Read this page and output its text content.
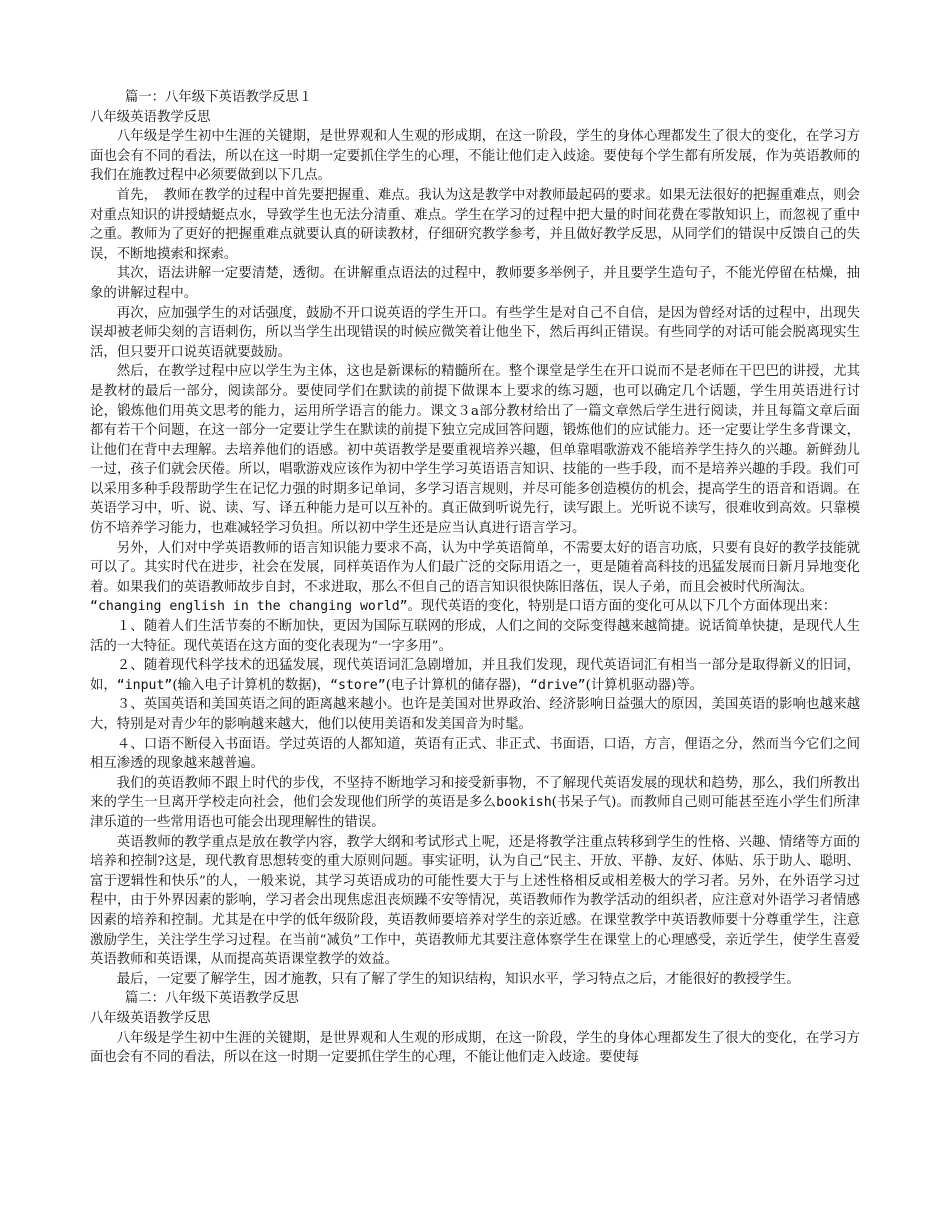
篇一：八年级下英语教学反思１

八年级英语教学反思

八年级是学生初中生涯的关键期，是世界观和人生观的形成期，在这一阶段，学生的身体心理都发生了很大的变化，在学习方面也会有不同的看法，所以在这一时期一定要抓住学生的心理，不能让他们走入歧途。要使每个学生都有所发展，作为英语教师的我们在施教过程中必须要做到以下几点。

首先，　教师在教学的过程中首先要把握重、难点。我认为这是教学中对教师最起码的要求。如果无法很好的把握重难点，则会对重点知识的讲授蜻蜓点水，导致学生也无法分清重、难点。学生在学习的过程中把大量的时间花费在零散知识上，而忽视了重中之重。教师为了更好的把握重难点就要认真的研读教材，仔细研究教学参考，并且做好教学反思，从同学们的错误中反馈自己的失误，不断地摸索和探索。

其次，语法讲解一定要清楚，透彻。在讲解重点语法的过程中，教师要多举例子，并且要学生造句子，不能光停留在枯燥，抽象的讲解过程中。

再次，应加强学生的对话强度，鼓励不开口说英语的学生开口。有些学生是对自己不自信，是因为曾经对话的过程中，出现失误却被老师尖刻的言语刺伤，所以当学生出现错误的时候应微笑着让他坐下，然后再纠正错误。有些同学的对话可能会脱离现实生活，但只要开口说英语就要鼓励。

然后，在教学过程中应以学生为主体，这也是新课标的精髓所在。整个课堂是学生在开口说而不是老师在干巴巴的讲授，尤其是教材的最后一部分，阅读部分。要使同学们在默读的前提下做课本上要求的练习题，也可以确定几个话题，学生用英语进行讨论，锻炼他们用英文思考的能力，运用所学语言的能力。课文３a部分教材给出了一篇文章然后学生进行阅读，并且每篇文章后面都有若干个问题，在这一部分一定要让学生在默读的前提下独立完成回答问题，锻炼他们的应试能力。还一定要让学生多背课文，让他们在背中去理解。去培养他们的语感。初中英语教学是要重视培养兴趣，但单靠唱歌游戏不能培养学生持久的兴趣。新鲜劲儿一过，孩子们就会厌倦。所以，唱歌游戏应该作为初中学生学习英语语言知识、技能的一些手段，而不是培养兴趣的手段。我们可以采用多种手段帮助学生在记忆力强的时期多记单词，多学习语言规则，并尽可能多创造模仿的机会，提高学生的语音和语调。在英语学习中，听、说、读、写、译五种能力是可以互补的。真正做到听说先行，读写跟上。光听说不读写，很难收到高效。只靠模仿不培养学习能力，也难减轻学习负担。所以初中学生还是应当认真进行语言学习。

另外，人们对中学英语教师的语言知识能力要求不高，认为中学英语简单，不需要太好的语言功底，只要有良好的教学技能就可以了。其实时代在进步，社会在发展，同样英语作为人们最广泛的交际用语之一，更是随着高科技的迅猛发展而日新月异地变化着。如果我们的英语教师故步自封，不求进取，那么不但自己的语言知识很快陈旧落伍，误人子弟，而且会被时代所淘汰。

“changing english in the changing world”。现代英语的变化，特别是口语方面的变化可从以下几个方面体现出来：

１、随着人们生活节奏的不断加快，更因为国际互联网的形成，人们之间的交际变得越来越简捷。说话简单快捷，是现代人生活的一大特征。现代英语在这方面的变化表现为“一字多用”。

２、随着现代科学技术的迅猛发展，现代英语词汇急剧增加，并且我们发现，现代英语词汇有相当一部分是取得新义的旧词，如，“input”(输入电子计算机的数据)，“store”(电子计算机的储存器)，“drive”(计算机驱动器)等。

３、英国英语和美国英语之间的距离越来越小。也许是美国对世界政治、经济影响日益强大的原因，美国英语的影响也越来越大，特别是对青少年的影响越来越大，他们以使用美语和发美国音为时髦。

４、口语不断侵入书面语。学过英语的人都知道，英语有正式、非正式、书面语，口语，方言，俚语之分，然而当今它们之间相互渗透的现象越来越普遍。

我们的英语教师不跟上时代的步伐，不坚持不断地学习和接受新事物，不了解现代英语发展的现状和趋势，那么，我们所教出来的学生一旦离开学校走向社会，他们会发现他们所学的英语是多么bookish(书呆子气)。而教师自己则可能甚至连小学生们所津津乐道的一些常用语也可能会出现理解性的错误。

英语教师的教学重点是放在教学内容，教学大纲和考试形式上呢，还是将教学注重点转移到学生的性格、兴趣、情绪等方面的培养和控制?这是，现代教育思想转变的重大原则问题。事实证明，认为自己“民主、开放、平静、友好、体贴、乐于助人、聪明、富于逻辑性和快乐”的人，一般来说，其学习英语成功的可能性要大于与上述性格相反或相差极大的学习者。另外，在外语学习过程中，由于外界因素的影响，学习者会出现焦虑沮丧烦躁不安等情况，英语教师作为教学活动的组织者，应注意对外语学习者情感因素的培养和控制。尤其是在中学的低年级阶段，英语教师要培养对学生的亲近感。在课堂教学中英语教师要十分尊重学生，注意激励学生，关注学生学习过程。在当前“减负”工作中，英语教师尤其要注意体察学生在课堂上的心理感受，亲近学生，使学生喜爱英语教师和英语课，从而提高英语课堂教学的效益。

最后，一定要了解学生，因才施教，只有了解了学生的知识结构，知识水平，学习特点之后，才能很好的教授学生。

篇二：八年级下英语教学反思

八年级英语教学反思

八年级是学生初中生涯的关键期，是世界观和人生观的形成期，在这一阶段，学生的身体心理都发生了很大的变化，在学习方面也会有不同的看法，所以在这一时期一定要抓住学生的心理，不能让他们走入歧途。要使每
